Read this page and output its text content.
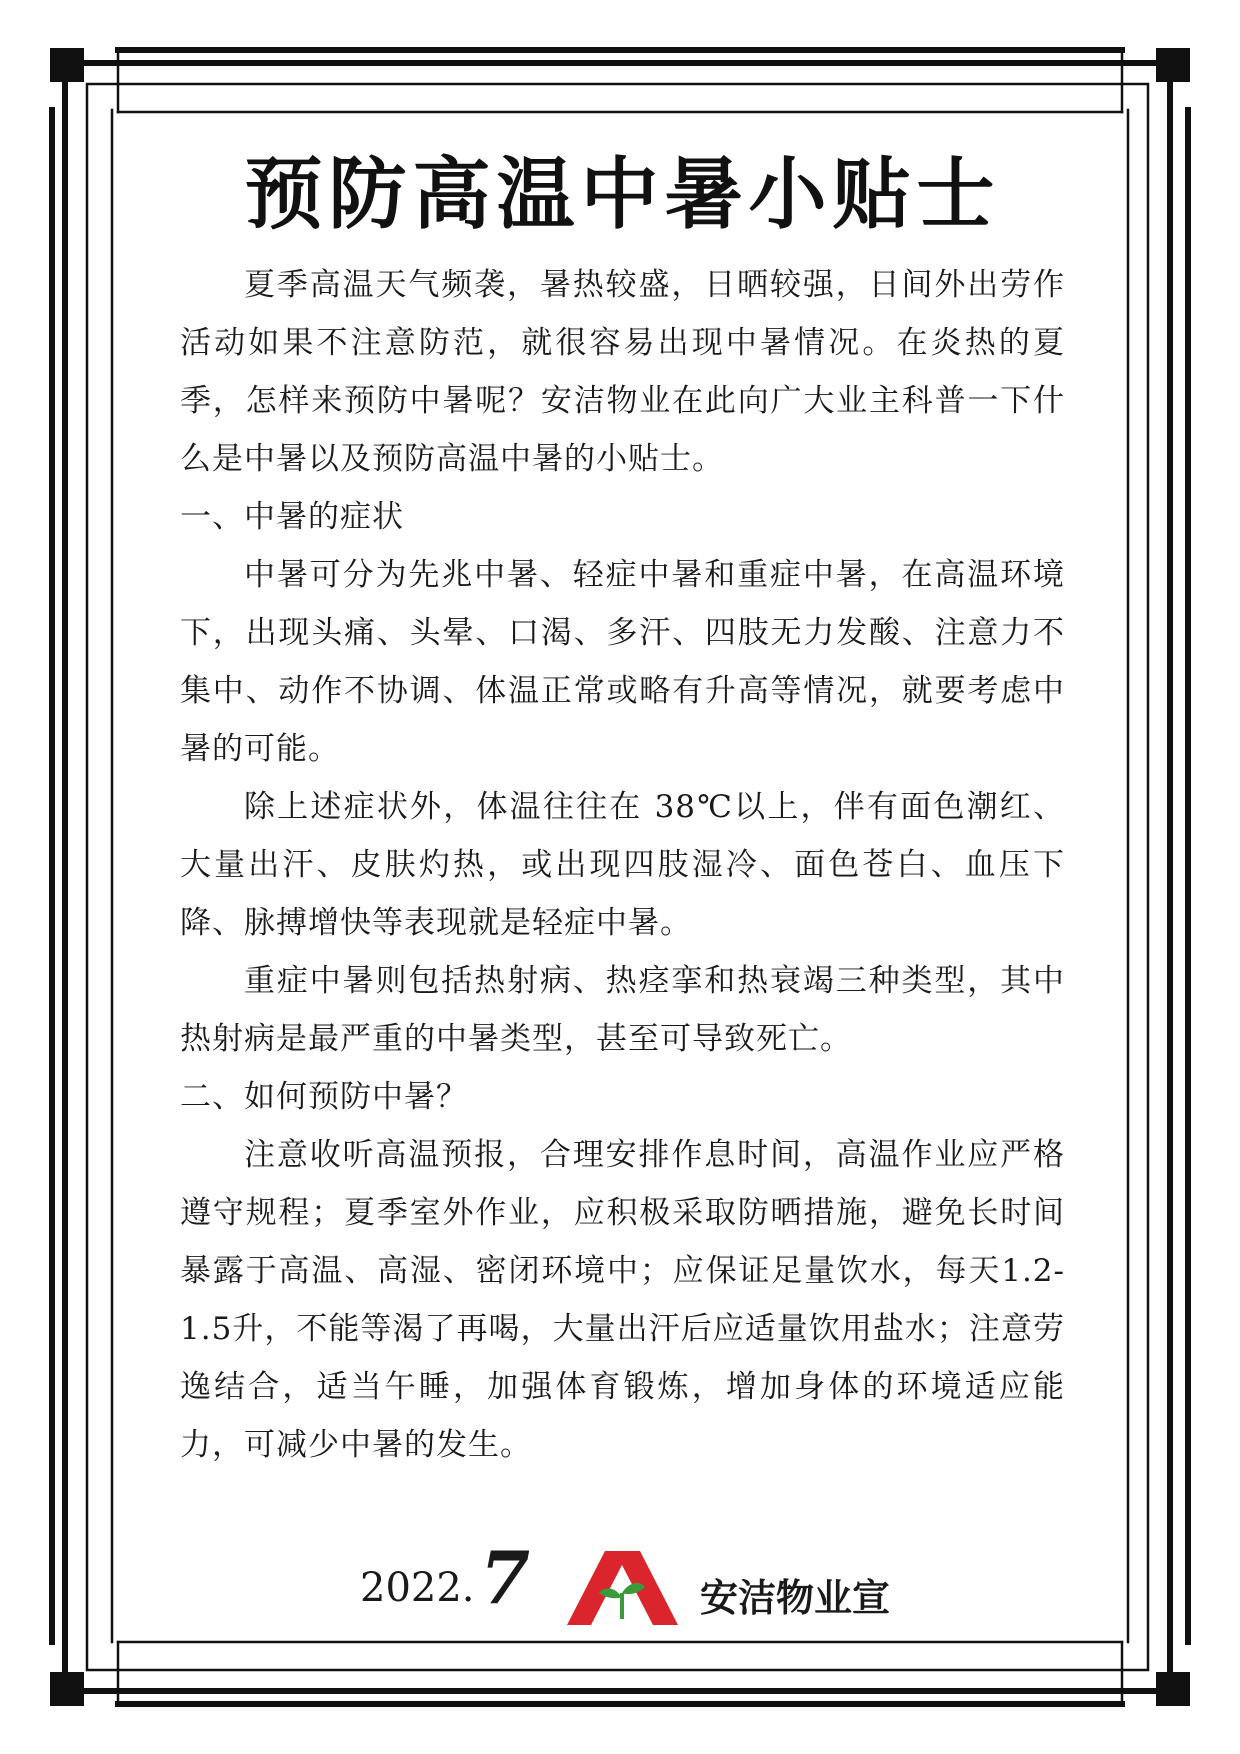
预防高温中暑小贴士

夏季高温天气频袭，暑热较盛，日晒较强，日间外出劳作活动如果不注意防范，就很容易出现中暑情况。在炎热的夏季，怎样来预防中暑呢？安洁物业在此向广大业主科普一下什么是中暑以及预防高温中暑的小贴士。

一、中暑的症状

中暑可分为先兆中暑、轻症中暑和重症中暑，在高温环境下，出现头痛、头晕、口渴、多汗、四肢无力发酸、注意力不集中、动作不协调、体温正常或略有升高等情况，就要考虑中暑的可能。

除上述症状外，体温往往在 38℃以上，伴有面色潮红、大量出汗、皮肤灼热，或出现四肢湿冷、面色苍白、血压下降、脉搏增快等表现就是轻症中暑。

重症中暑则包括热射病、热痉挛和热衰竭三种类型，其中热射病是最严重的中暑类型，甚至可导致死亡。

二、如何预防中暑？

注意收听高温预报，合理安排作息时间，高温作业应严格遵守规程；夏季室外作业，应积极采取防晒措施，避免长时间暴露于高温、高湿、密闭环境中；应保证足量饮水，每天1.2-1.5升，不能等渴了再喝，大量出汗后应适量饮用盐水；注意劳逸结合，适当午睡，加强体育锻炼，增加身体的环境适应能力，可减少中暑的发生。

2022. 7	安洁物业宣
